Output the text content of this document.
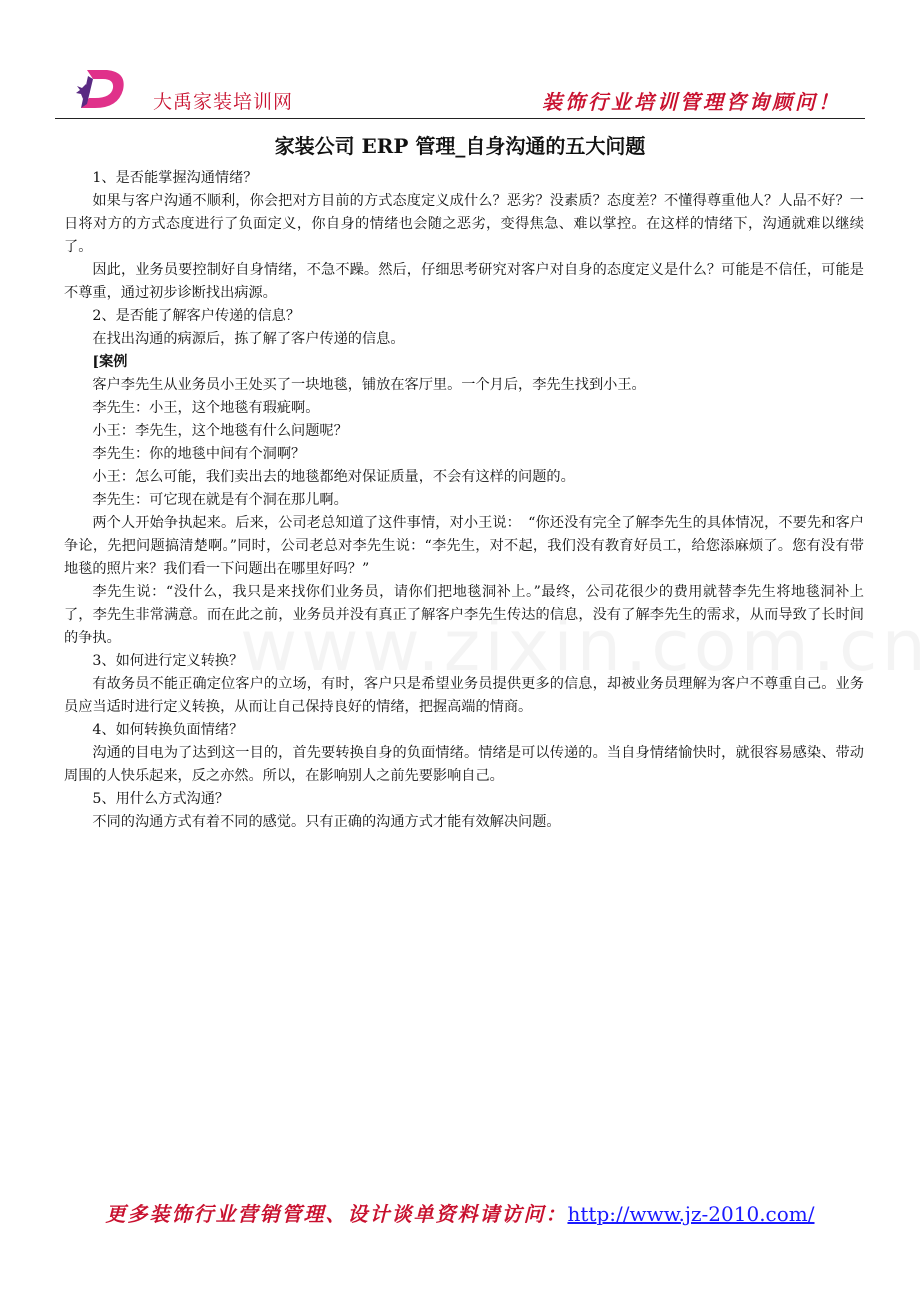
大禹家装培训网	装饰行业培训管理咨询顾问！
家装公司 ERP 管理_自身沟通的五大问题

1、是否能掌握沟通情绪？

如果与客户沟通不顺利，你会把对方目前的方式态度定义成什么？恶劣？没素质？态度差？不懂得尊重他人？人品不好？一日将对方的方式态度进行了负面定义，你自身的情绪也会随之恶劣，变得焦急、难以掌控。在这样的情绪下，沟通就难以继续了。

因此，业务员要控制好自身情绪，不急不躁。然后，仔细思考研究对客户对自身的态度定义是什么？可能是不信任，可能是不尊重，通过初步诊断找出病源。

2、是否能了解客户传递的信息？

在找出沟通的病源后，拣了解了客户传递的信息。

[案例

客户李先生从业务员小王处买了一块地毯，铺放在客厅里。一个月后，李先生找到小王。

李先生：小王，这个地毯有瑕疵啊。

小王：李先生，这个地毯有什么问题呢？

李先生：你的地毯中间有个洞啊？

小王：怎么可能，我们卖出去的地毯都绝对保证质量，不会有这样的问题的。

李先生：可它现在就是有个洞在那儿啊。

两个人开始争执起来。后来，公司老总知道了这件事情，对小王说：　“你还没有完全了解李先生的具体情况，不要先和客户争论，先把问题搞清楚啊。”同时，公司老总对李先生说：“李先生，对不起，我们没有教育好员工，给您添麻烦了。您有没有带地毯的照片来？我们看一下问题出在哪里好吗？”

李先生说：“没什么，我只是来找你们业务员，请你们把地毯洞补上。”最终，公司花很少的费用就替李先生将地毯洞补上了，李先生非常满意。而在此之前，业务员并没有真正了解客户李先生传达的信息，没有了解李先生的需求，从而导致了长时间的争执。

3、如何进行定义转换？

有故务员不能正确定位客户的立场，有时，客户只是希望业务员提供更多的信息，却被业务员理解为客户不尊重自己。业务员应当适时进行定义转换，从而让自己保持良好的情绪，把握高端的情商。

4、如何转换负面情绪？

沟通的目电为了达到这一目的，首先要转换自身的负面情绪。情绪是可以传递的。当自身情绪愉快时，就很容易感染、带动周围的人快乐起来，反之亦然。所以，在影响别人之前先要影响自己。

5、用什么方式沟通？

不同的沟通方式有着不同的感觉。只有正确的沟通方式才能有效解决问题。

更多装饰行业营销管理、设计谈单资料请访问：http://www.jz-2010.com/
